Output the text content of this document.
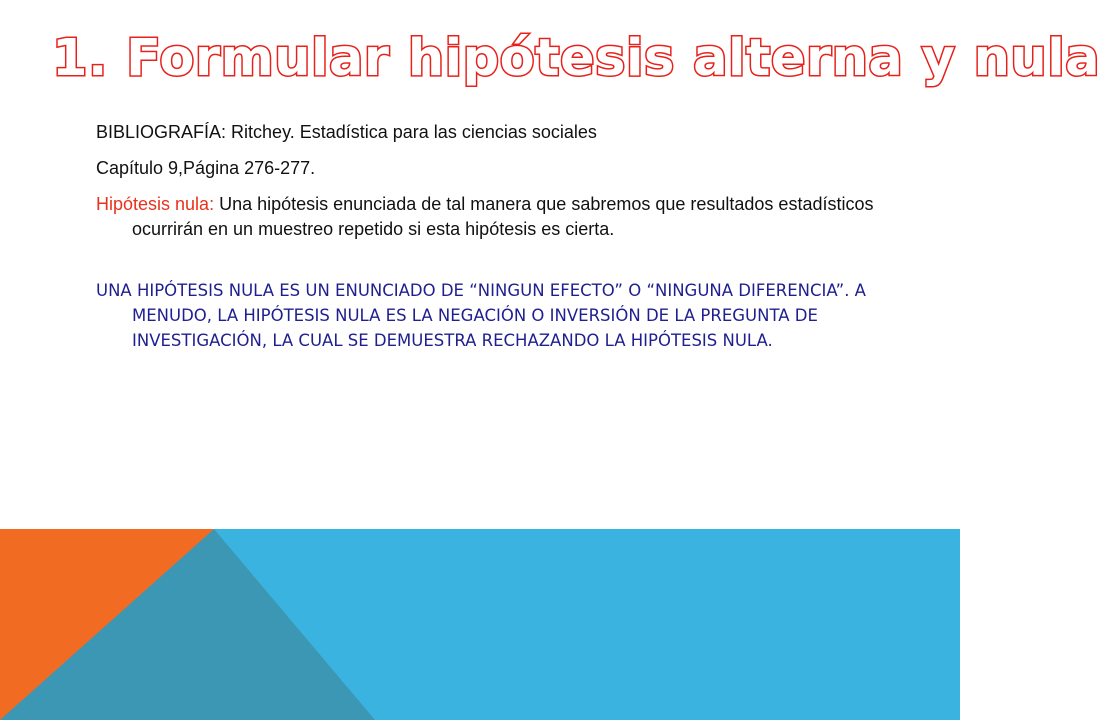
1. Formular hipótesis alterna y nula

BIBLIOGRAFÍA: Ritchey. Estadística para las ciencias sociales

Capítulo 9,Página 276-277.

Hipótesis nula: Una hipótesis enunciada de tal manera que sabremos que resultados estadísticos ocurrirán en un muestreo repetido si esta hipótesis es cierta.

UNA HIPÓTESIS NULA ES UN ENUNCIADO DE “NINGUN EFECTO” O “NINGUNA DIFERENCIA”. A MENUDO, LA HIPÓTESIS NULA ES LA NEGACIÓN O INVERSIÓN DE LA PREGUNTA DE INVESTIGACIÓN, LA CUAL SE DEMUESTRA RECHAZANDO LA HIPÓTESIS NULA.
